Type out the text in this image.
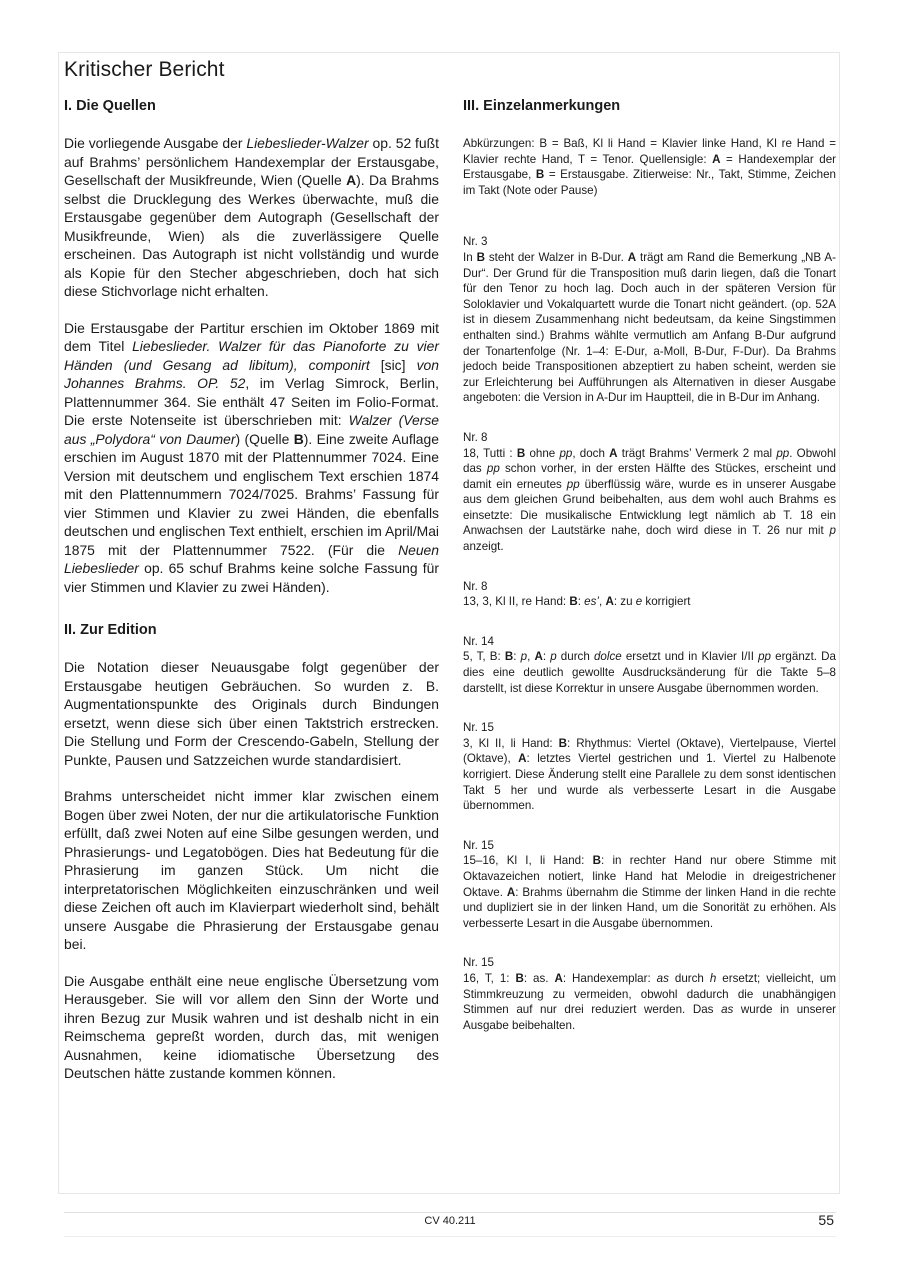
Kritischer Bericht
I. Die Quellen

Die vorliegende Ausgabe der Liebeslieder-Walzer op. 52 fußt auf Brahms’ persönlichem Handexemplar der Erstausgabe, Gesellschaft der Musikfreunde, Wien (Quelle A). Da Brahms selbst die Drucklegung des Werkes überwachte, muß die Erstausgabe gegenüber dem Autograph (Gesellschaft der Musikfreunde, Wien) als die zuverlässigere Quelle erscheinen. Das Autograph ist nicht vollständig und wurde als Kopie für den Stecher abgeschrieben, doch hat sich diese Stichvorlage nicht erhalten.

Die Erstausgabe der Partitur erschien im Oktober 1869 mit dem Titel Liebeslieder. Walzer für das Pianoforte zu vier Händen (und Gesang ad libitum), componirt [sic] von Johannes Brahms. OP. 52, im Verlag Simrock, Berlin, Plattennummer 364. Sie enthält 47 Seiten im Folio-Format. Die erste Notenseite ist überschrieben mit: Walzer (Verse aus „Polydora“ von Daumer) (Quelle B). Eine zweite Auflage erschien im August 1870 mit der Plattennummer 7024. Eine Version mit deutschem und englischem Text erschien 1874 mit den Plattennummern 7024/7025. Brahms’ Fassung für vier Stimmen und Klavier zu zwei Händen, die ebenfalls deutschen und englischen Text enthielt, erschien im April/Mai 1875 mit der Plattennummer 7522. (Für die Neuen Liebeslieder op. 65 schuf Brahms keine solche Fassung für vier Stimmen und Klavier zu zwei Händen).

II. Zur Edition

Die Notation dieser Neuausgabe folgt gegenüber der Erstausgabe heutigen Gebräuchen. So wurden z. B. Augmentationspunkte des Originals durch Bindungen ersetzt, wenn diese sich über einen Taktstrich erstrecken. Die Stellung und Form der Crescendo-Gabeln, Stellung der Punkte, Pausen und Satzzeichen wurde standardisiert.

Brahms unterscheidet nicht immer klar zwischen einem Bogen über zwei Noten, der nur die artikulatorische Funktion erfüllt, daß zwei Noten auf eine Silbe gesungen werden, und Phrasierungs- und Legatobögen. Dies hat Bedeutung für die Phrasierung im ganzen Stück. Um nicht die interpretatorischen Möglichkeiten einzuschränken und weil diese Zeichen oft auch im Klavierpart wiederholt sind, behält unsere Ausgabe die Phrasierung der Erstausgabe genau bei.

Die Ausgabe enthält eine neue englische Übersetzung vom Herausgeber. Sie will vor allem den Sinn der Worte und ihren Bezug zur Musik wahren und ist deshalb nicht in ein Reimschema gepreßt worden, durch das, mit wenigen Ausnahmen, keine idiomatische Übersetzung des Deutschen hätte zustande kommen können.

III. Einzelanmerkungen

Abkürzungen: B = Baß, Kl li Hand = Klavier linke Hand, Kl re Hand = Klavier rechte Hand, T = Tenor. Quellensigle: A = Handexemplar der Erstausgabe, B = Erstausgabe. Zitierweise: Nr., Takt, Stimme, Zeichen im Takt (Note oder Pause)

Nr. 3

In B steht der Walzer in B-Dur. A trägt am Rand die Bemerkung „NB A-Dur“. Der Grund für die Transposition muß darin liegen, daß die Tonart für den Tenor zu hoch lag. Doch auch in der späteren Version für Soloklavier und Vokalquartett wurde die Tonart nicht geändert. (op. 52A ist in diesem Zusammenhang nicht bedeutsam, da keine Singstimmen enthalten sind.) Brahms wählte vermutlich am Anfang B-Dur aufgrund der Tonartenfolge (Nr. 1–4: E-Dur, a-Moll, B-Dur, F-Dur). Da Brahms jedoch beide Transpositionen abzeptiert zu haben scheint, werden sie zur Erleichterung bei Aufführungen als Alternativen in dieser Ausgabe angeboten: die Version in A-Dur im Hauptteil, die in B-Dur im Anhang.

Nr. 8

18, Tutti : B ohne pp, doch A trägt Brahms’ Vermerk 2 mal pp. Obwohl das pp schon vorher, in der ersten Hälfte des Stückes, erscheint und damit ein erneutes pp überflüssig wäre, wurde es in unserer Ausgabe aus dem gleichen Grund beibehalten, aus dem wohl auch Brahms es einsetzte: Die musikalische Entwicklung legt nämlich ab T. 18 ein Anwachsen der Lautstärke nahe, doch wird diese in T. 26 nur mit p anzeigt.

Nr. 8

13, 3, Kl II, re Hand: B: es’, A: zu e korrigiert

Nr. 14

5, T, B: B: p, A: p durch dolce ersetzt und in Klavier I/II pp ergänzt. Da dies eine deutlich gewollte Ausdrucksänderung für die Takte 5–8 darstellt, ist diese Korrektur in unsere Ausgabe übernommen worden.

Nr. 15

3, Kl II, li Hand: B: Rhythmus: Viertel (Oktave), Viertelpause, Viertel (Oktave), A: letztes Viertel gestrichen und 1. Viertel zu Halbenote korrigiert. Diese Änderung stellt eine Parallele zu dem sonst identischen Takt 5 her und wurde als verbesserte Lesart in die Ausgabe übernommen.

Nr. 15

15–16, Kl I, li Hand: B: in rechter Hand nur obere Stimme mit Oktavazeichen notiert, linke Hand hat Melodie in dreigestrichener Oktave. A: Brahms übernahm die Stimme der linken Hand in die rechte und dupliziert sie in der linken Hand, um die Sonorität zu erhöhen. Als verbesserte Lesart in die Ausgabe übernommen.

Nr. 15

16, T, 1: B: as. A: Handexemplar: as durch h ersetzt; vielleicht, um Stimmkreuzung zu vermeiden, obwohl dadurch die unabhängigen Stimmen auf nur drei reduziert werden. Das as wurde in unserer Ausgabe beibehalten.

CV 40.211	55
